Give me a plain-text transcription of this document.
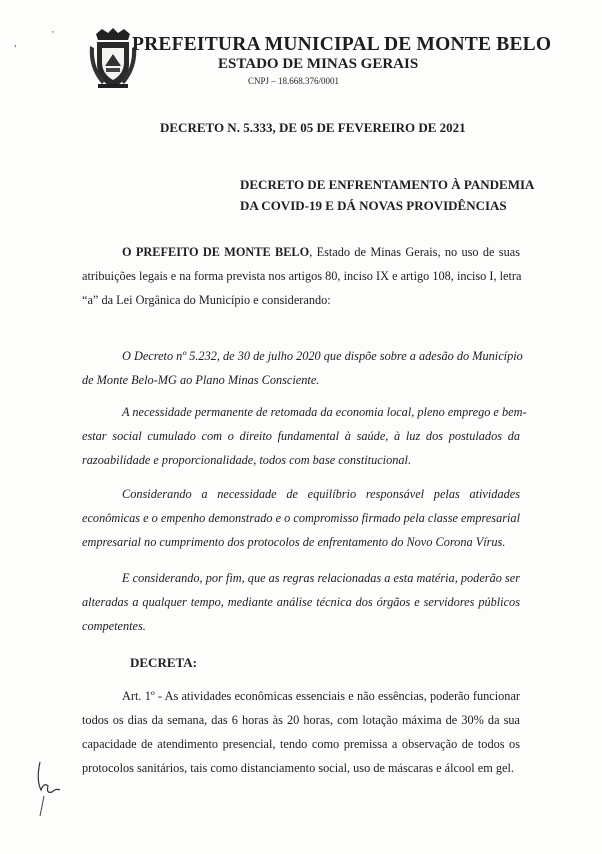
,
'	PREFEITURA MUNICIPAL DE MONTE BELO
ESTADO DE MINAS GERAIS
CNPJ – 18.668.376/0001
DECRETO N. 5.333, DE 05 DE FEVEREIRO DE 2021
DECRETO DE ENFRENTAMENTO À PANDEMIA
DA COVID-19 E DÁ NOVAS PROVIDÊNCIAS
O PREFEITO DE MONTE BELO, Estado de Minas Gerais, no uso de suas
atribuições legais e na forma prevista nos artigos 80, inciso IX e artigo 108, inciso I, letra
“a” da Lei Orgânica do Município e considerando:
O Decreto nº 5.232, de 30 de julho 2020 que dispõe sobre a adesão do Município
de Monte Belo-MG ao Plano Minas Consciente.
A necessidade permanente de retomada da economia local, pleno emprego e bem-
estar social cumulado com o direito fundamental à saúde, à luz dos postulados da
razoabilidade e proporcionalidade, todos com base constitucional.
Considerando a necessidade de equilíbrio responsável pelas atividades
econômicas e o empenho demonstrado e o compromisso firmado pela classe empresarial
empresarial no cumprimento dos protocolos de enfrentamento do Novo Corona Vírus.
E considerando, por fim, que as regras relacionadas a esta matéria, poderão ser
alteradas a qualquer tempo, mediante análise técnica dos órgãos e servidores públicos
competentes.
DECRETA:
Art. 1º - As atividades econômicas essenciais e não essências, poderão funcionar
todos os dias da semana, das 6 horas às 20 horas, com lotação máxima de 30% da sua
capacidade de atendimento presencial, tendo como premissa a observação de todos os
protocolos sanitários, tais como distanciamento social, uso de máscaras e álcool em gel.
